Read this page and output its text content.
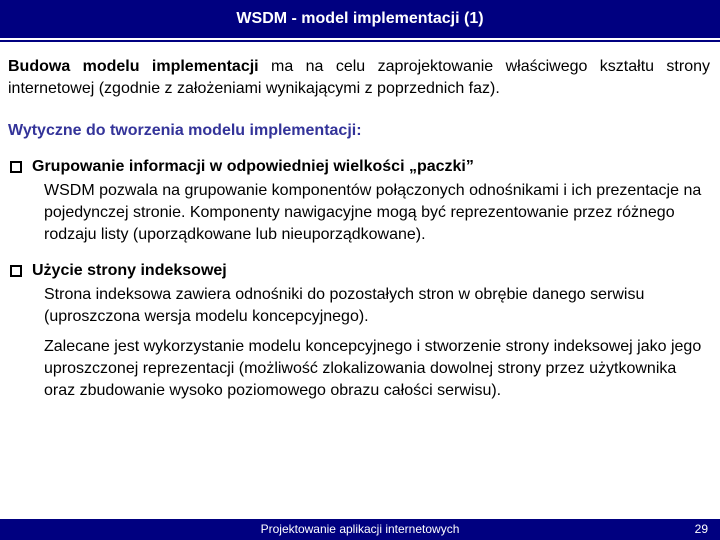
WSDM - model implementacji (1)

Budowa modelu implementacji ma na celu zaprojektowanie właściwego kształtu strony internetowej (zgodnie z założeniami wynikającymi z poprzednich faz).

Wytyczne do tworzenia modelu implementacji:

Grupowanie informacji w odpowiedniej wielkości „paczki”

WSDM pozwala na grupowanie komponentów połączonych odnośnikami i ich prezentacje na pojedynczej stronie. Komponenty nawigacyjne mogą być reprezentowanie przez różnego rodzaju listy (uporządkowane lub nieuporządkowane).

Użycie strony indeksowej

Strona indeksowa zawiera odnośniki do pozostałych stron w obrębie danego serwisu (uproszczona wersja modelu koncepcyjnego).

Zalecane jest wykorzystanie modelu koncepcyjnego i stworzenie strony indeksowej jako jego uproszczonej reprezentacji (możliwość zlokalizowania dowolnej strony przez użytkownika oraz zbudowanie wysoko poziomowego obrazu całości serwisu).

Projektowanie aplikacji internetowych	29
